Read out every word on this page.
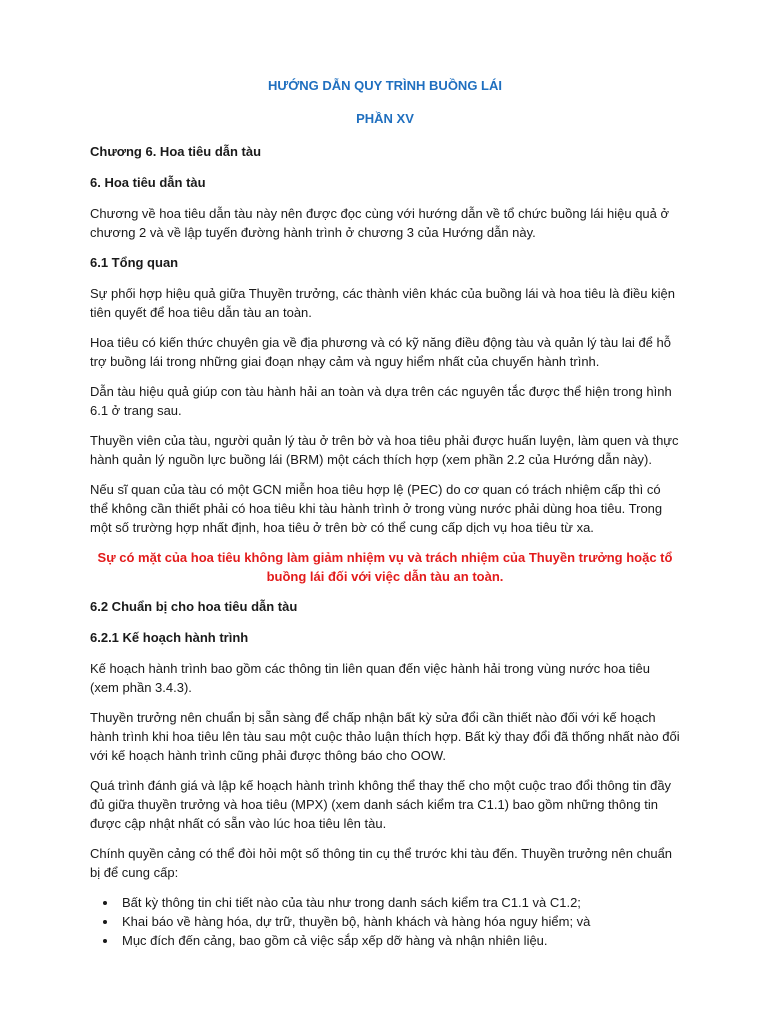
HƯỚNG DẪN QUY TRÌNH BUỒNG LÁI
PHẦN XV
Chương 6. Hoa tiêu dẫn tàu
6. Hoa tiêu dẫn tàu

Chương về hoa tiêu dẫn tàu này nên được đọc cùng với hướng dẫn về tổ chức buồng lái hiệu quả ở chương 2 và về lập tuyến đường hành trình ở chương 3 của Hướng dẫn này.

6.1 Tổng quan

Sự phối hợp hiệu quả giữa Thuyền trưởng, các thành viên khác của buồng lái và hoa tiêu là điều kiện tiên quyết để hoa tiêu dẫn tàu an toàn.

Hoa tiêu có kiến thức chuyên gia về địa phương và có kỹ năng điều động tàu và quản lý tàu lai để hỗ trợ buồng lái trong những giai đoạn nhạy cảm và nguy hiểm nhất của chuyến hành trình.

Dẫn tàu hiệu quả giúp con tàu hành hải an toàn và dựa trên các nguyên tắc được thể hiện trong hình 6.1 ở trang sau.

Thuyền viên của tàu, người quản lý tàu ở trên bờ và hoa tiêu phải được huấn luyện, làm quen và thực hành quản lý nguồn lực buồng lái (BRM) một cách thích hợp (xem phần 2.2 của Hướng dẫn này).

Nếu sĩ quan của tàu có một GCN miễn hoa tiêu hợp lệ (PEC) do cơ quan có trách nhiệm cấp thì có thể không cần thiết phải có hoa tiêu khi tàu hành trình ở trong vùng nước phải dùng hoa tiêu. Trong một số trường hợp nhất định, hoa tiêu ở trên bờ có thể cung cấp dịch vụ hoa tiêu từ xa.

Sự có mặt của hoa tiêu không làm giảm nhiệm vụ và trách nhiệm của Thuyền trưởng hoặc tổ buồng lái đối với việc dẫn tàu an toàn.

6.2 Chuẩn bị cho hoa tiêu dẫn tàu
6.2.1 Kế hoạch hành trình

Kế hoạch hành trình bao gồm các thông tin liên quan đến việc hành hải trong vùng nước hoa tiêu (xem phần 3.4.3).

Thuyền trưởng nên chuẩn bị sẵn sàng để chấp nhận bất kỳ sửa đổi cần thiết nào đối với kế hoạch hành trình khi hoa tiêu lên tàu sau một cuộc thảo luận thích hợp. Bất kỳ thay đổi đã thống nhất nào đối với kế hoạch hành trình cũng phải được thông báo cho OOW.

Quá trình đánh giá và lập kế hoạch hành trình không thể thay thế cho một cuộc trao đổi thông tin đầy đủ giữa thuyền trưởng và hoa tiêu (MPX) (xem danh sách kiểm tra C1.1) bao gồm những thông tin được cập nhật nhất có sẵn vào lúc hoa tiêu lên tàu.

Chính quyền cảng có thể đòi hỏi một số thông tin cụ thể trước khi tàu đến. Thuyền trưởng nên chuẩn bị để cung cấp:

• Bất kỳ thông tin chi tiết nào của tàu như trong danh sách kiểm tra C1.1 và C1.2;
• Khai báo về hàng hóa, dự trữ, thuyền bộ, hành khách và hàng hóa nguy hiểm; và
• Mục đích đến cảng, bao gồm cả việc sắp xếp dỡ hàng và nhận nhiên liệu.
